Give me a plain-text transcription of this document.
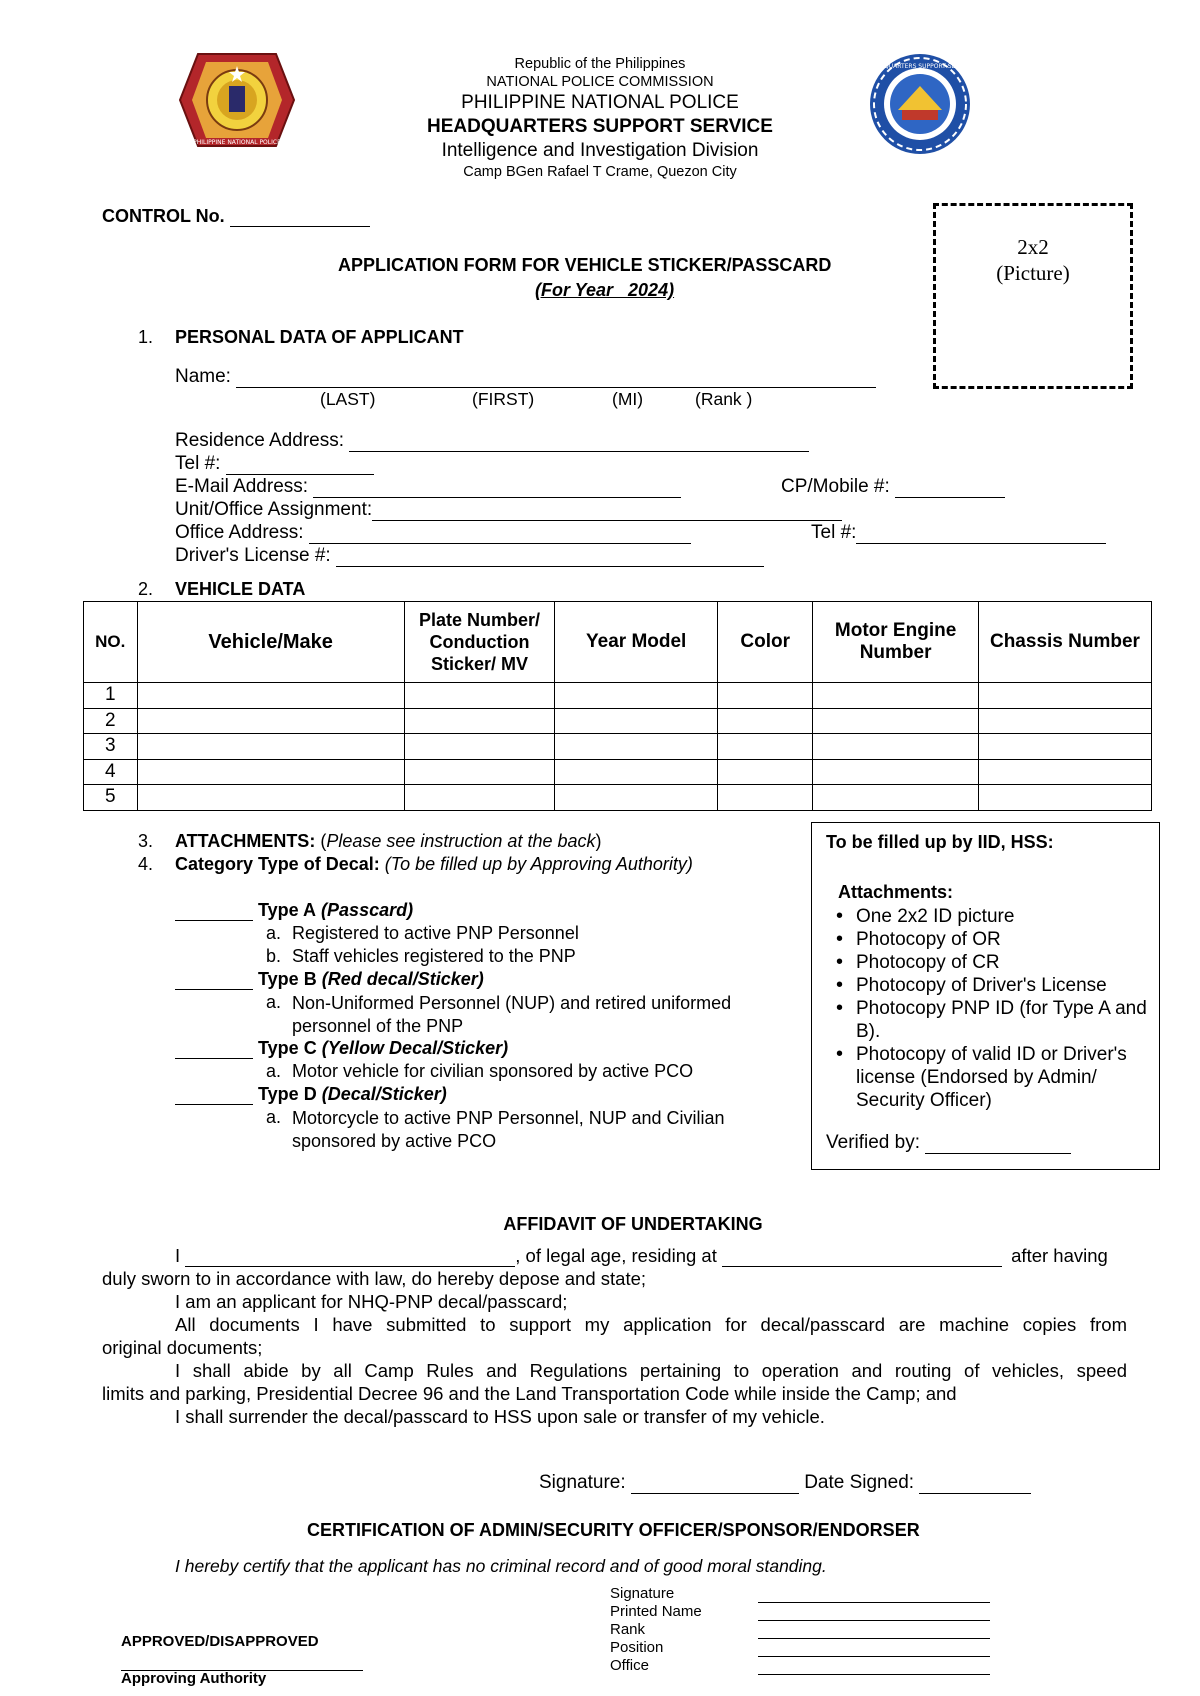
PHILIPPINE NATIONAL POLICE
HEADQUARTERS SUPPORT SERVICE
Republic of the Philippines
NATIONAL POLICE COMMISSION
PHILIPPINE NATIONAL POLICE
HEADQUARTERS SUPPORT SERVICE
Intelligence and Investigation Division
Camp BGen Rafael T Crame, Quezon City
CONTROL No.
2x2
(Picture)
APPLICATION FORM FOR VEHICLE STICKER/PASSCARD
(For Year   2024)
1. PERSONAL DATA OF APPLICANT
Name:
(LAST)	(FIRST)	(MI)	(Rank )
Residence Address:
Tel #:
E-Mail Address:	CP/Mobile #:
Unit/Office Assignment:
Office Address:	Tel #:
Driver's License #:
2. VEHICLE DATA
NO.	Vehicle/Make	Plate Number/ Conduction Sticker/ MV	Year Model	Color	Motor Engine Number	Chassis Number
1						
2						
3						
4						
5						
3. ATTACHMENTS: (Please see instruction at the back)
4. Category Type of Decal: (To be filled up by Approving Authority)
Type A (Passcard)
a. Registered to active PNP Personnel
b. Staff vehicles registered to the PNP
Type B (Red decal/Sticker)
a. Non-Uniformed Personnel (NUP) and retired uniformed personnel of the PNP
Type C (Yellow Decal/Sticker)
a. Motor vehicle for civilian sponsored by active PCO
Type D (Decal/Sticker)
a. Motorcycle to active PNP Personnel, NUP and Civilian sponsored by active PCO
To be filled up by IID, HSS:
Attachments:
• One 2x2 ID picture
• Photocopy of OR
• Photocopy of CR
• Photocopy of Driver's License
• Photocopy PNP ID (for Type A and B).
• Photocopy of valid ID or Driver's license (Endorsed by Admin/ Security Officer)
Verified by:
AFFIDAVIT OF UNDERTAKING
I	, of legal age, residing at	after having
duly sworn to in accordance with law, do hereby depose and state;
I am an applicant for NHQ-PNP decal/passcard;
All documents I have submitted to support my application for decal/passcard are machine copies from
original documents;
I shall abide by all Camp Rules and Regulations pertaining to operation and routing of vehicles, speed
limits and parking, Presidential Decree 96 and the Land Transportation Code while inside the Camp; and
I shall surrender the decal/passcard to HSS upon sale or transfer of my vehicle.
Signature:	Date Signed:
CERTIFICATION OF ADMIN/SECURITY OFFICER/SPONSOR/ENDORSER
I hereby certify that the applicant has no criminal record and of good moral standing.
Signature
Printed Name
Rank
Position
Office
APPROVED/DISAPPROVED
Approving Authority
